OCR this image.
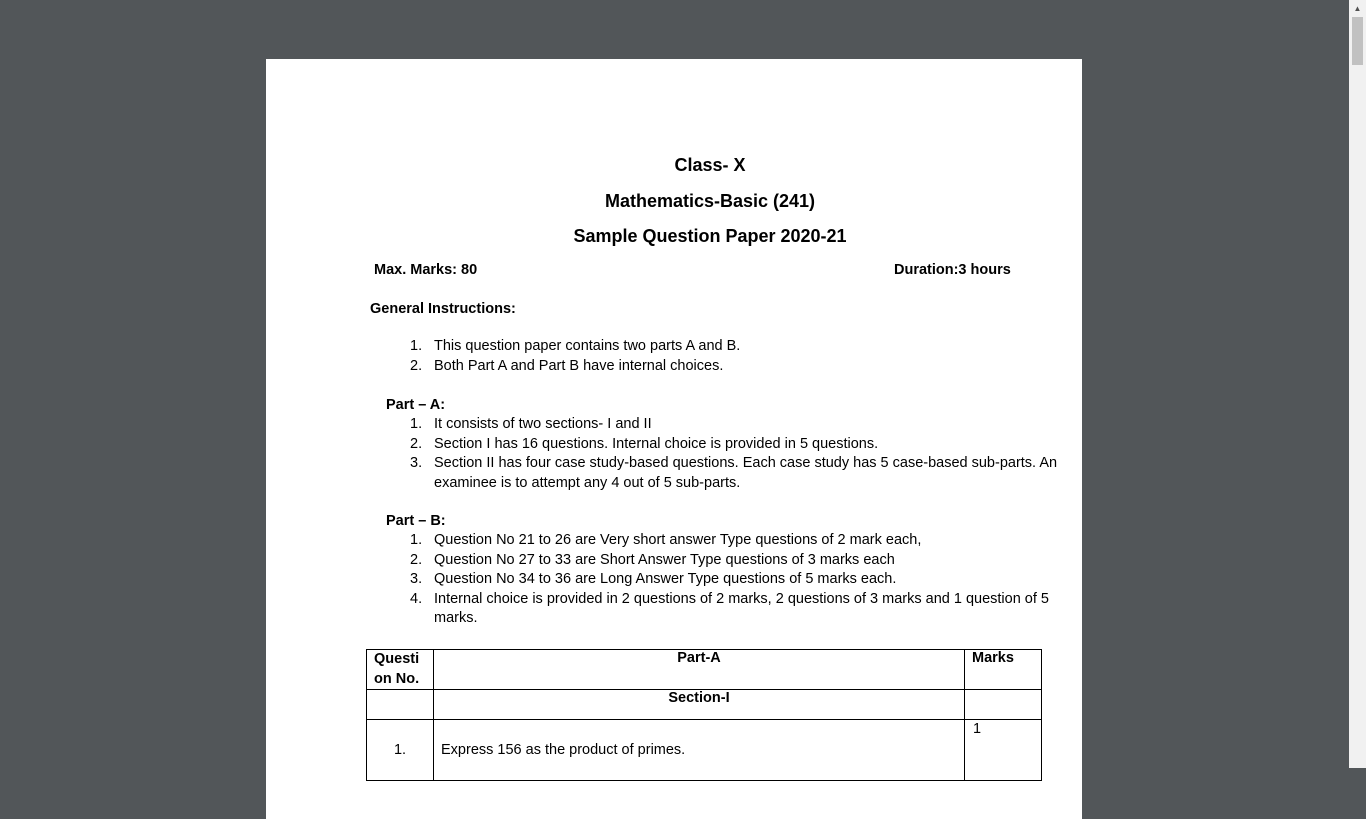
▲
Class- X
Mathematics-Basic (241)
Sample Question Paper 2020-21
Max. Marks: 80	Duration:3 hours
General Instructions:
1. This question paper contains two parts A and B.
2. Both Part A and Part B have internal choices.
Part – A:
1. It consists of two sections- I and II
2. Section I has 16 questions. Internal choice is provided in 5 questions.
3. Section II has four case study-based questions. Each case study has 5 case-based sub-parts. An examinee is to attempt any 4 out of 5 sub-parts.
Part – B:
1. Question No 21 to 26 are Very short answer Type questions of 2 mark each,
2. Question No 27 to 33 are Short Answer Type questions of 3 marks each
3. Question No 34 to 36 are Long Answer Type questions of 5 marks each.
4. Internal choice is provided in 2 questions of 2 marks, 2 questions of 3 marks and 1 question of 5 marks.
Questi on No.	Part-A	Marks

	Section-I	

1.	Express 156 as the product of primes.	1
